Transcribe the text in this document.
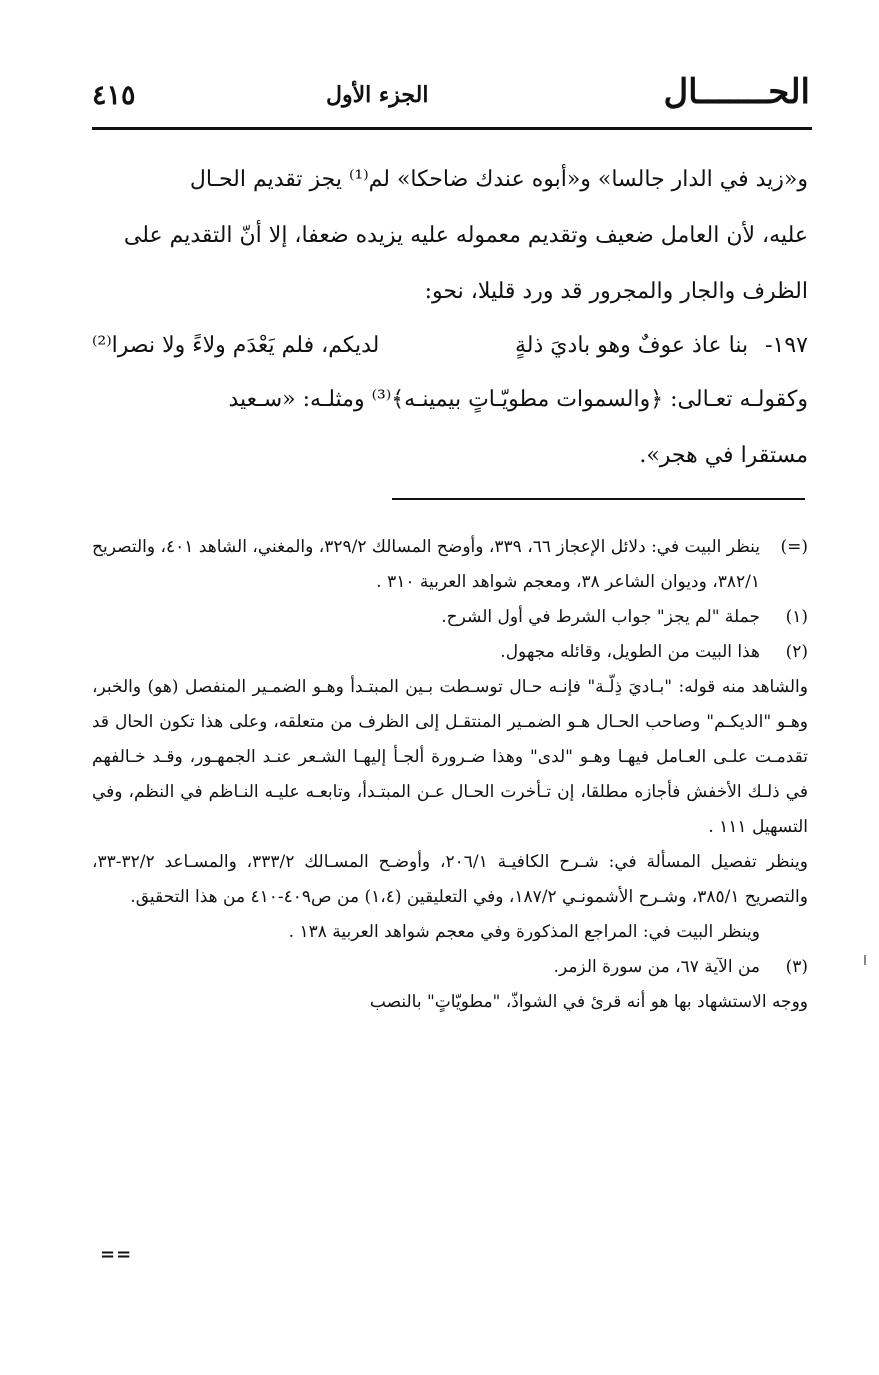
الحـــــــال
الجزء الأول
٤١٥

و«زيد في الدار جالسا» و«أبوه عندك ضاحكا» لم⁽¹⁾ يجز تقديم الحـال

عليه، لأن العامل ضعيف وتقديم معموله عليه يزيده ضعفا، إلا أنّ التقديم على

الظرف والجار والمجرور قد ورد قليلا، نحو:

١٩٧- بنا عاذ عوفٌ وهو باديَ ذلةٍ
لديكم، فلم يَعْدَم ولاءً ولا نصرا⁽²⁾

وكقولـه تعـالى: ﴿والسموات مطويّـاتٍ بيمينـه﴾⁽³⁾ ومثلـه: «سـعيد

مستقرا في هجر».

(=)
ينظر البيت في: دلائل الإعجاز ٦٦، ٣٣٩، وأوضح المسالك ٣٢٩/٢، والمغني، الشاهد ٤٠١، والتصريح ٣٨٢/١، وديوان الشاعر ٣٨، ومعجم شواهد العربية ٣١٠ .
(١)
جملة "لم يجز" جواب الشرط في أول الشرح.
(٢)
هذا البيت من الطويل، وقائله مجهول.

والشاهد منه قوله: "بـاديَ ذِلّـة" فإنـه حـال توسـطت بـين المبتـدأ وهـو الضمـير المنفصل (هو) والخبر، وهـو "الديكـم" وصاحب الحـال هـو الضمـير المنتقـل إلى الظرف من متعلقه، وعلى هذا تكون الحال قد تقدمـت علـى العـامل فيهـا وهـو "لدى" وهذا ضـرورة ألجـأ إليهـا الشـعر عنـد الجمهـور، وقـد خـالفهم في ذلـك الأخفش فأجازه مطلقا، إن تـأخرت الحـال عـن المبتـدأ، وتابعـه عليـه النـاظم في النظم، وفي التسهيل ١١١ .

وينظر تفصيل المسألة في: شـرح الكافيـة ٢٠٦/١، وأوضـح المسـالك ٣٣٣/٢، والمسـاعد ٣٢/٢-٣٣، والتصريح ٣٨٥/١، وشـرح الأشمونـي ١٨٧/٢، وفي التعليقين (١،٤) من ص٤٠٩-٤١٠ من هذا التحقيق.

وينظر البيت في: المراجع المذكورة وفي معجم شواهد العربية ١٣٨ .

(٣)
من الآية ٦٧، من سورة الزمر.

ووجه الاستشهاد بها هو أنه قرئ في الشواذّ، "مطويّاتٍ" بالنصب

==
